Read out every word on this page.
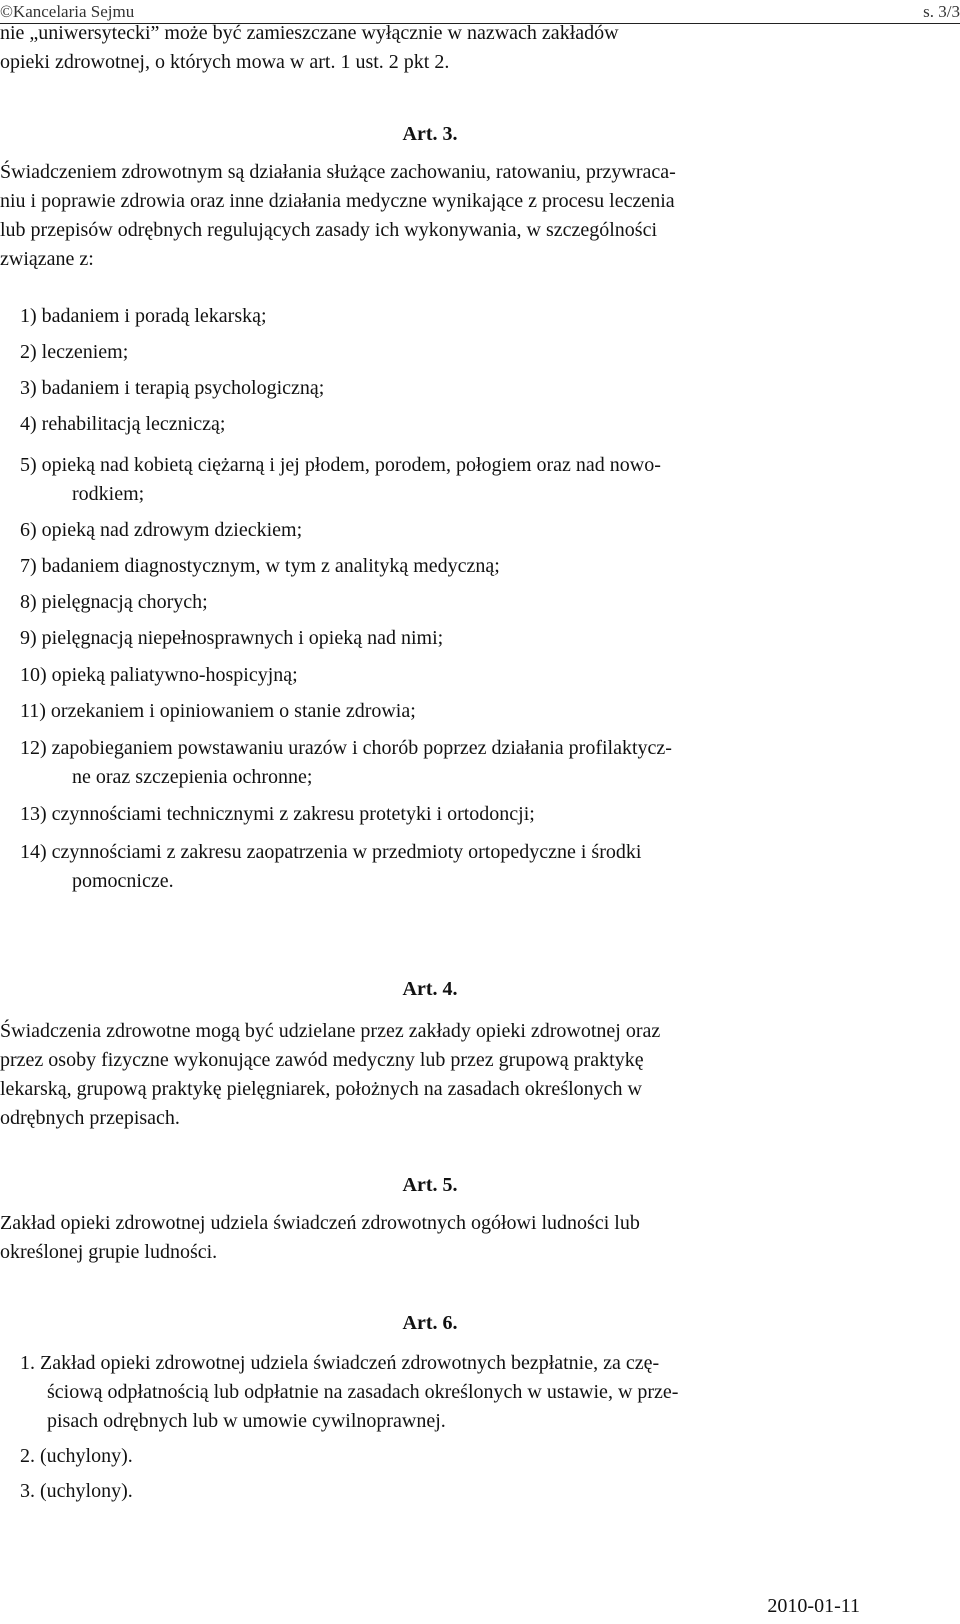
©Kancelaria Sejmu	s. 3/3
nie „uniwersytecki” może być zamieszczane wyłącznie w nazwach zakładów
opieki zdrowotnej, o których mowa w art. 1 ust. 2 pkt 2.
Art. 3.
Świadczeniem zdrowotnym są działania służące zachowaniu, ratowaniu, przywraca-
niu i poprawie zdrowia oraz inne działania medyczne wynikające z procesu leczenia
lub przepisów odrębnych regulujących zasady ich wykonywania, w szczególności
związane z:
1) badaniem i poradą lekarską;
2) leczeniem;
3) badaniem i terapią psychologiczną;
4) rehabilitacją leczniczą;
5) opieką nad kobietą ciężarną i jej płodem, porodem, połogiem oraz nad nowo-
rodkiem;
6) opieką nad zdrowym dzieckiem;
7) badaniem diagnostycznym, w tym z analityką medyczną;
8) pielęgnacją chorych;
9) pielęgnacją niepełnosprawnych i opieką nad nimi;
10) opieką paliatywno-hospicyjną;
11) orzekaniem i opiniowaniem o stanie zdrowia;
12) zapobieganiem powstawaniu urazów i chorób poprzez działania profilaktycz-
ne oraz szczepienia ochronne;
13) czynnościami technicznymi z zakresu protetyki i ortodoncji;
14) czynnościami z zakresu zaopatrzenia w przedmioty ortopedyczne i środki
pomocnicze.
Art. 4.
Świadczenia zdrowotne mogą być udzielane przez zakłady opieki zdrowotnej oraz
przez osoby fizyczne wykonujące zawód medyczny lub przez grupową praktykę
lekarską, grupową praktykę pielęgniarek, położnych na zasadach określonych w
odrębnych przepisach.
Art. 5.
Zakład opieki zdrowotnej udziela świadczeń zdrowotnych ogółowi ludności lub
określonej grupie ludności.
Art. 6.
1. Zakład opieki zdrowotnej udziela świadczeń zdrowotnych bezpłatnie, za czę-
ściową odpłatnością lub odpłatnie na zasadach określonych w ustawie, w prze-
pisach odrębnych lub w umowie cywilnoprawnej.
2. (uchylony).
3. (uchylony).
2010-01-11
